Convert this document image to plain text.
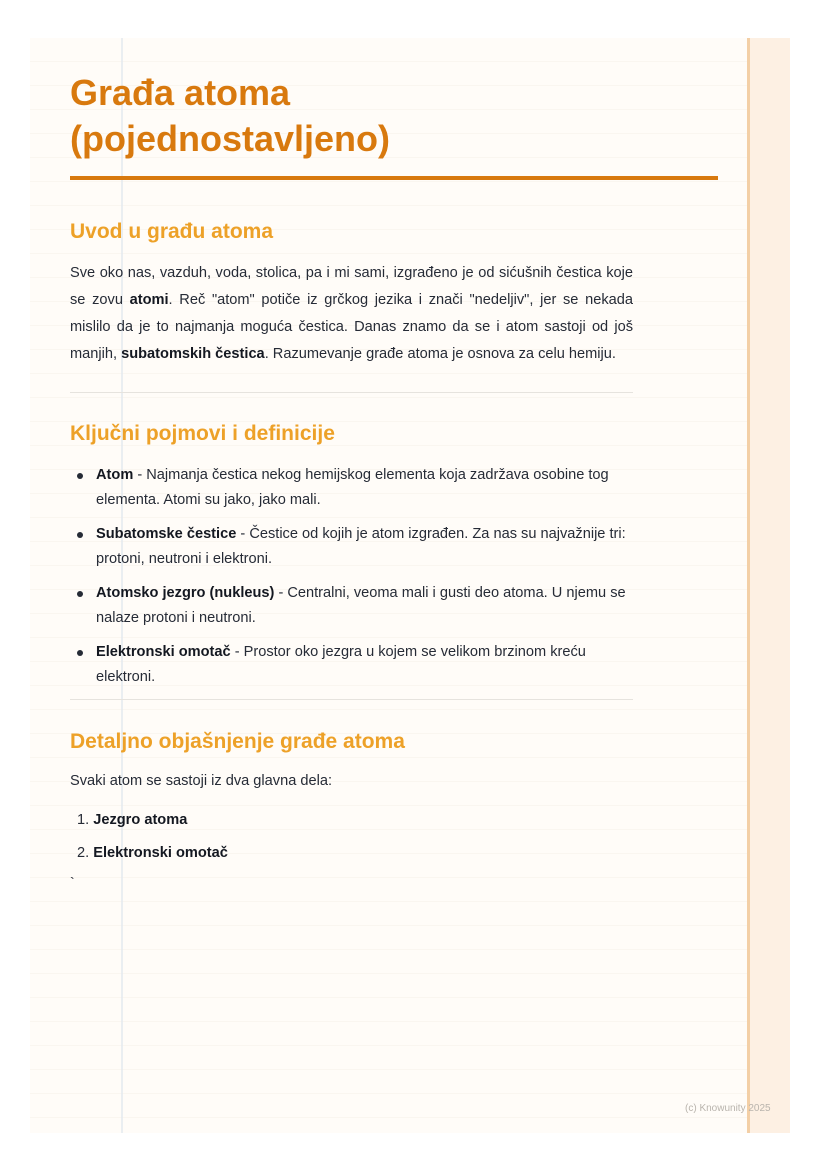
Građa atoma (pojednostavljeno)
Uvod u građu atoma

Sve oko nas, vazduh, voda, stolica, pa i mi sami, izgrađeno je od sićušnih čestica koje se zovu atomi. Reč "atom" potiče iz grčkog jezika i znači "nedeljiv", jer se nekada mislilo da je to najmanja moguća čestica. Danas znamo da se i atom sastoji od još manjih, subatomskih čestica. Razumevanje građe atoma je osnova za celu hemiju.

Ključni pojmovi i definicije
Atom - Najmanja čestica nekog hemijskog elementa koja zadržava osobine tog elementa. Atomi su jako, jako mali.
Subatomske čestice - Čestice od kojih je atom izgrađen. Za nas su najvažnije tri: protoni, neutroni i elektroni.
Atomsko jezgro (nukleus) - Centralni, veoma mali i gusti deo atoma. U njemu se nalaze protoni i neutroni.
Elektronski omotač - Prostor oko jezgra u kojem se velikom brzinom kreću elektroni.
Detaljno objašnjenje građe atoma

Svaki atom se sastoji iz dva glavna dela:

1. Jezgro atoma
2. Elektronski omotač
`
(c) Knowunity 2025
